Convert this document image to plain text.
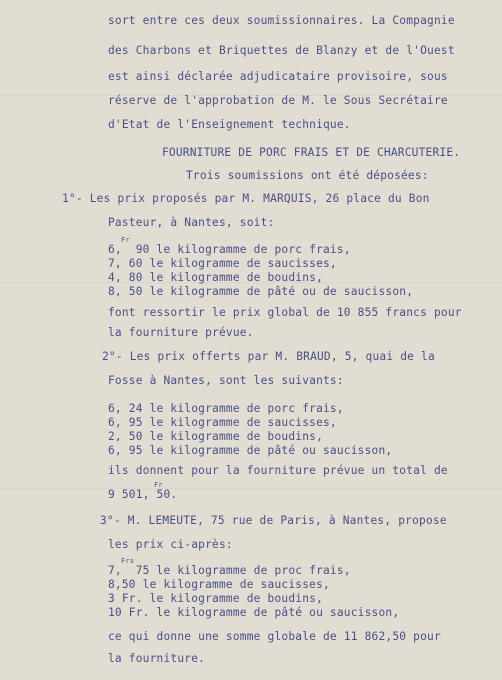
sort entre ces deux soumissionnaires. La Compagnie
des Charbons et Briquettes de Blanzy et de l'Ouest
est ainsi déclarée adjudicataire provisoire, sous
réserve de l'approbation de M. le Sous Secrétaire
d'Etat de l'Enseignement technique.
FOURNITURE DE PORC FRAIS ET DE CHARCUTERIE.
Trois soumissions ont été déposées:
1°- Les prix proposés par M. MARQUIS, 26 place du Bon
Pasteur, à Nantes, soit:
Fr
6,  90 le kilogramme de porc frais,
7, 60 le kilogramme de saucisses,
4, 80 le kilogramme de boudins,
8, 50 le kilogramme de pâté ou de saucisson,
font ressortir le prix global de 10 855 francs pour
la fourniture prévue.
2°- Les prix offerts par M. BRAUD, 5, quai de la
Fosse à Nantes, sont les suivants:
6, 24 le kilogramme de porc frais,
6, 95 le kilogramme de saucisses,
2, 50 le kilogramme de boudins,
6, 95 le kilogramme de pâté ou saucisson,
ils donnent pour la fourniture prévue un total de
Fr
9 501, 50.
3°- M. LEMEUTE, 75 rue de Paris, à Nantes, propose
les prix ci-après:
Frs
7,  75 le kilogramme de proc frais,
8,50 le kilogramme de saucisses,
3 Fr. le kilogramme de boudins,
10 Fr. le kilogramme de pâté ou saucisson,
ce qui donne une somme globale de 11 862,50 pour
la fourniture.
